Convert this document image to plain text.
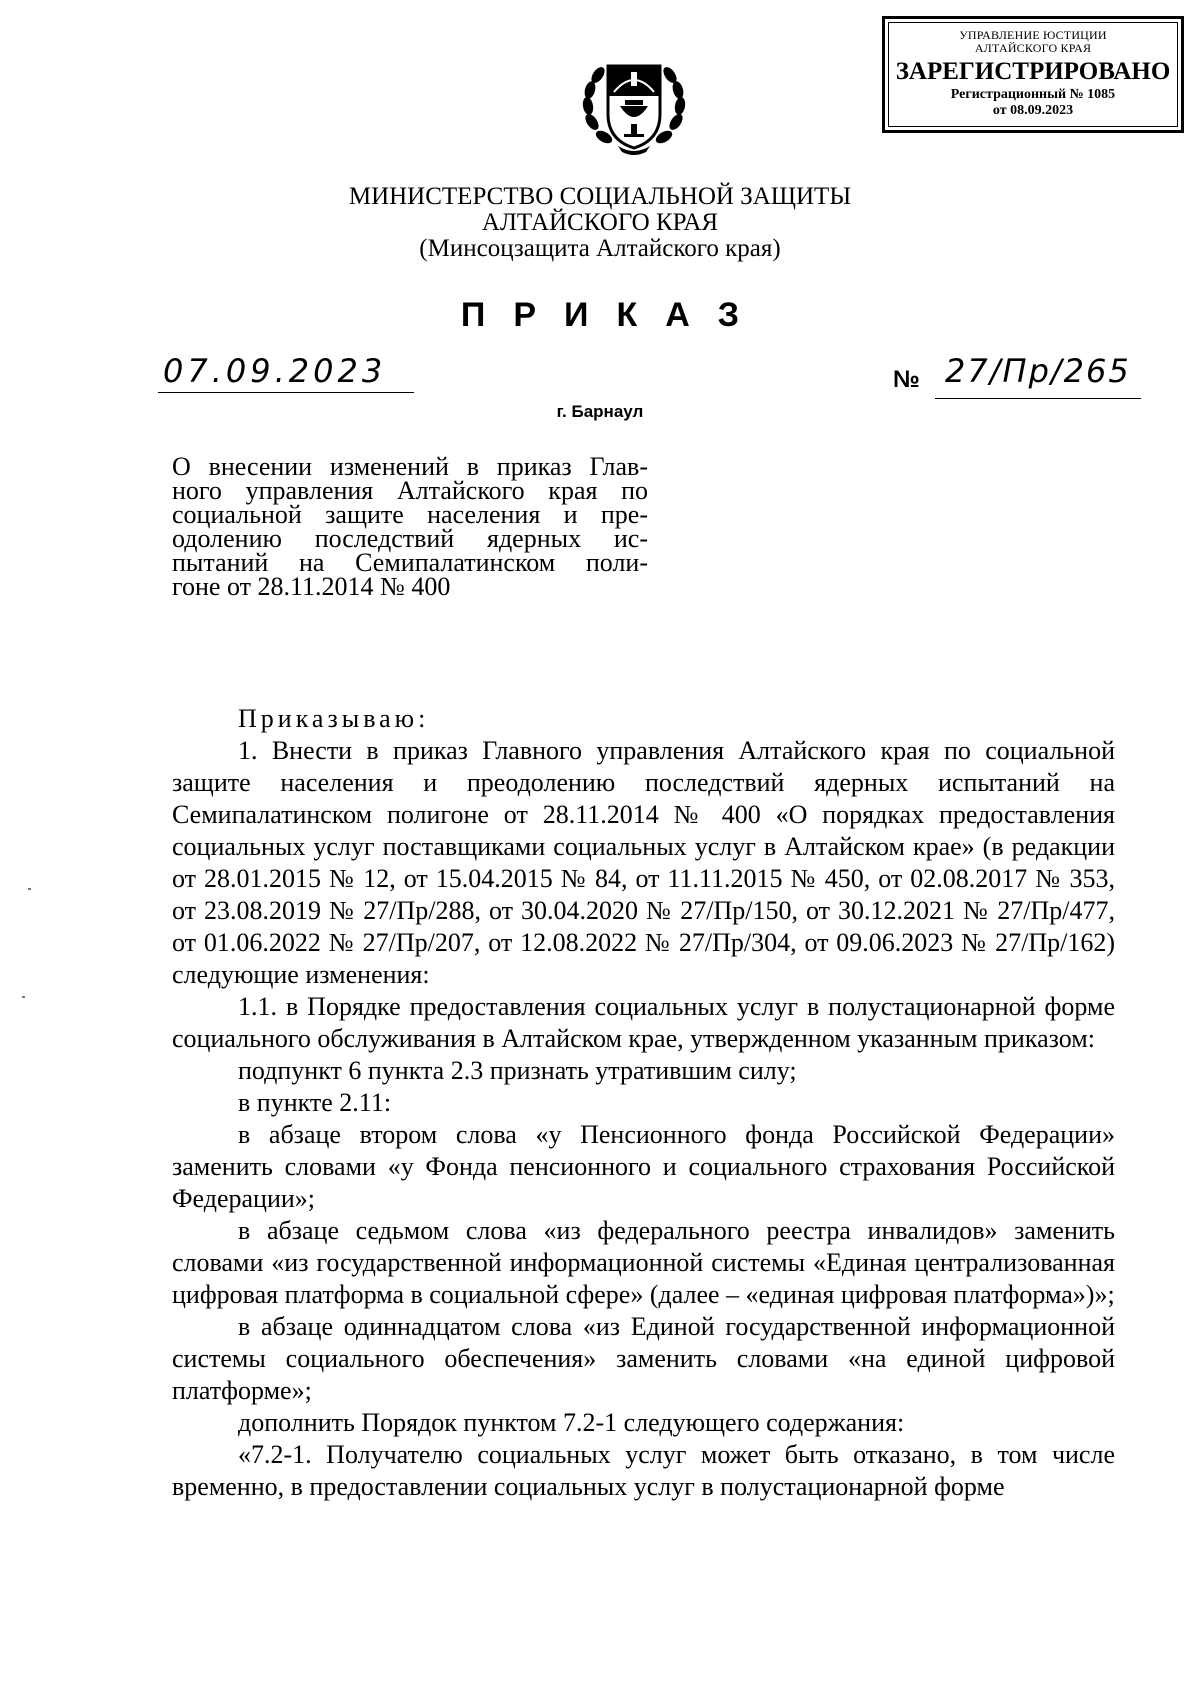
УПРАВЛЕНИЕ ЮСТИЦИИ
АЛТАЙСКОГО КРАЯ
ЗАРЕГИСТРИРОВАНО
Регистрационный № 1085
от 08.09.2023
МИНИСТЕРСТВО СОЦИАЛЬНОЙ ЗАЩИТЫ
АЛТАЙСКОГО КРАЯ
(Минсоцзащита Алтайского края)
ПРИКАЗ
07.09.2023	№ 27/Пр/265
г. Барнаул

О внесении изменений в приказ Глав-

ного управления Алтайского края по

социальной защите населения и пре-

одолению последствий ядерных ис-

пытаний на Семипалатинском поли-

гоне от 28.11.2014 № 400

Приказываю:

1. Внести в приказ Главного управления Алтайского края по социальной защите населения и преодолению последствий ядерных испытаний на Семипалатинском полигоне от 28.11.2014 № 400 «О порядках предоставления социальных услуг поставщиками социальных услуг в Алтайском крае» (в редакции от 28.01.2015 № 12, от 15.04.2015 № 84, от 11.11.2015 № 450, от 02.08.2017 № 353, от 23.08.2019 № 27/Пр/288, от 30.04.2020 № 27/Пр/150, от 30.12.2021 № 27/Пр/477, от 01.06.2022 № 27/Пр/207, от 12.08.2022 № 27/Пр/304, от 09.06.2023 № 27/Пр/162) следующие изменения:

1.1. в Порядке предоставления социальных услуг в полустационарной форме социального обслуживания в Алтайском крае, утвержденном указанным приказом:

подпункт 6 пункта 2.3 признать утратившим силу;

в пункте 2.11:

в абзаце втором слова «у Пенсионного фонда Российской Федерации» заменить словами «у Фонда пенсионного и социального страхования Российской Федерации»;

в абзаце седьмом слова «из федерального реестра инвалидов» заменить словами «из государственной информационной системы «Единая централизованная цифровая платформа в социальной сфере» (далее – «единая цифровая платформа»)»;

в абзаце одиннадцатом слова «из Единой государственной информационной системы социального обеспечения» заменить словами «на единой цифровой платформе»;

дополнить Порядок пунктом 7.2-1 следующего содержания:

«7.2-1. Получателю социальных услуг может быть отказано, в том числе временно, в предоставлении социальных услуг в полустационарной форме
